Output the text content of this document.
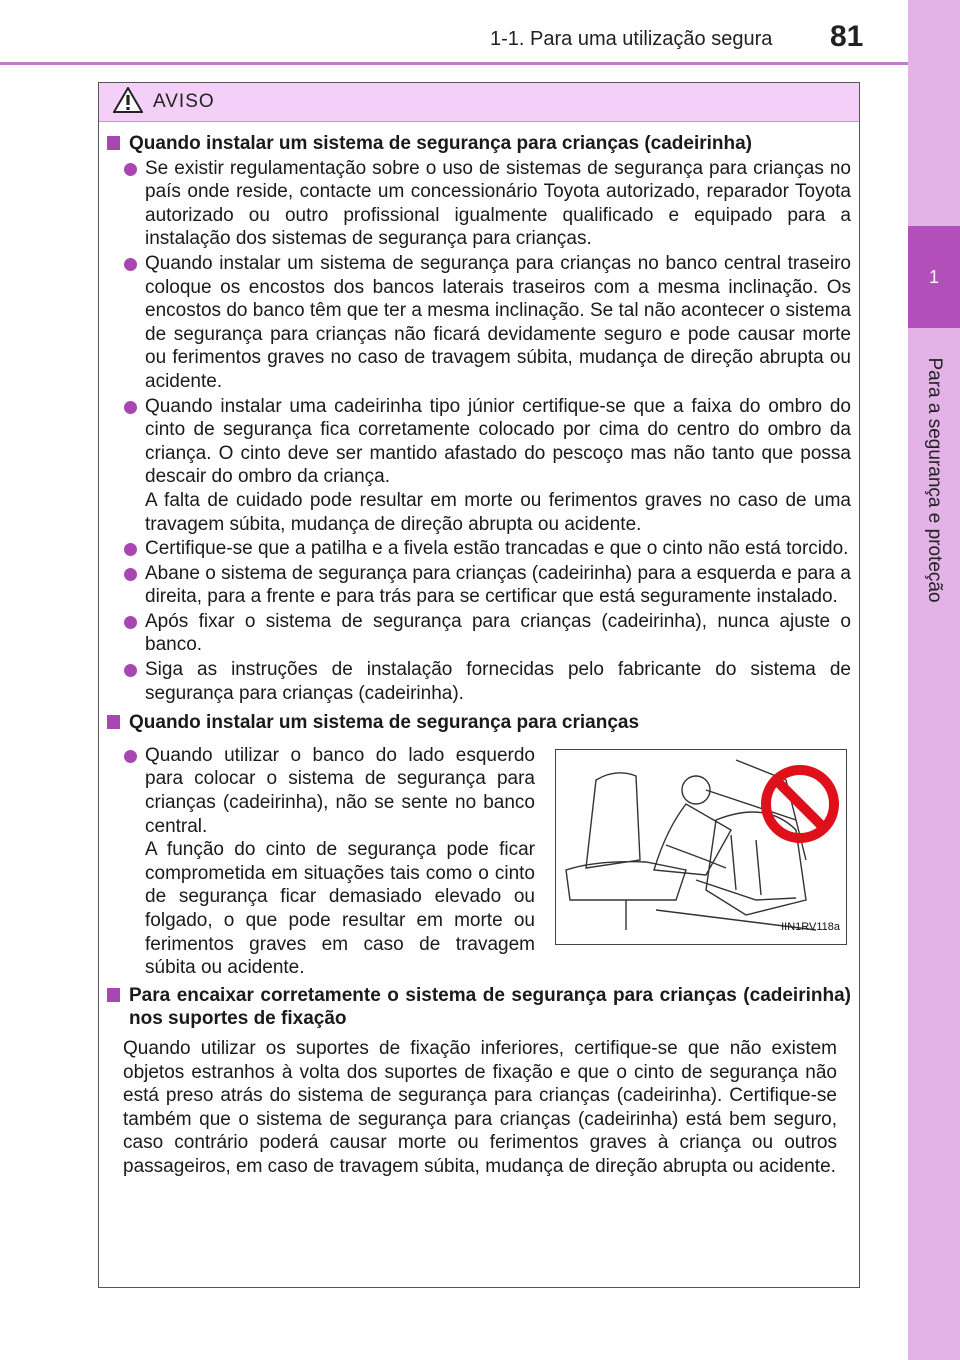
1-1. Para uma utilização segura 81
1
Para a segurança e proteção
AVISO
Quando instalar um sistema de segurança para crianças (cadeirinha)
Se existir regulamentação sobre o uso de sistemas de segurança para crianças no país onde reside, contacte um concessionário Toyota autorizado, reparador Toyota autorizado ou outro profissional igualmente qualificado e equipado para a instalação dos sistemas de segurança para crianças.
Quando instalar um sistema de segurança para crianças no banco central traseiro coloque os encostos dos bancos laterais traseiros com a mesma inclinação. Os encostos do banco têm que ter a mesma inclinação. Se tal não acontecer o sistema de segurança para crianças não ficará devidamente seguro e pode causar morte ou ferimentos graves no caso de travagem súbita, mudança de direção abrupta ou acidente.
Quando instalar uma cadeirinha tipo júnior certifique-se que a faixa do ombro do cinto de segurança fica corretamente colocado por cima do centro do ombro da criança. O cinto deve ser mantido afastado do pescoço mas não tanto que possa descair do ombro da criança.
A falta de cuidado pode resultar em morte ou ferimentos graves no caso de uma travagem súbita, mudança de direção abrupta ou acidente.
Certifique-se que a patilha e a fivela estão trancadas e que o cinto não está torcido.
Abane o sistema de segurança para crianças (cadeirinha) para a esquerda e para a direita, para a frente e para trás para se certificar que está seguramente instalado.
Após fixar o sistema de segurança para crianças (cadeirinha), nunca ajuste o banco.
Siga as instruções de instalação fornecidas pelo fabricante do sistema de segurança para crianças (cadeirinha).
Quando instalar um sistema de segurança para crianças
Quando utilizar o banco do lado esquerdo para colocar o sistema de segurança para crianças (cadeirinha), não se sente no banco central.
A função do cinto de segurança pode ficar comprometida em situações tais como o cinto de segurança ficar demasiado elevado ou folgado, o que pode resultar em morte ou ferimentos graves em caso de travagem súbita ou acidente.
IIN1RV118a
Para encaixar corretamente o sistema de segurança para crianças (cadeirinha) nos suportes de fixação
Quando utilizar os suportes de fixação inferiores, certifique-se que não existem objetos estranhos à volta dos suportes de fixação e que o cinto de segurança não está preso atrás do sistema de segurança para crianças (cadeirinha). Certifique-se também que o sistema de segurança para crianças (cadeirinha) está bem seguro, caso contrário poderá causar morte ou ferimentos graves à criança ou outros passageiros, em caso de travagem súbita, mudança de direção abrupta ou acidente.
